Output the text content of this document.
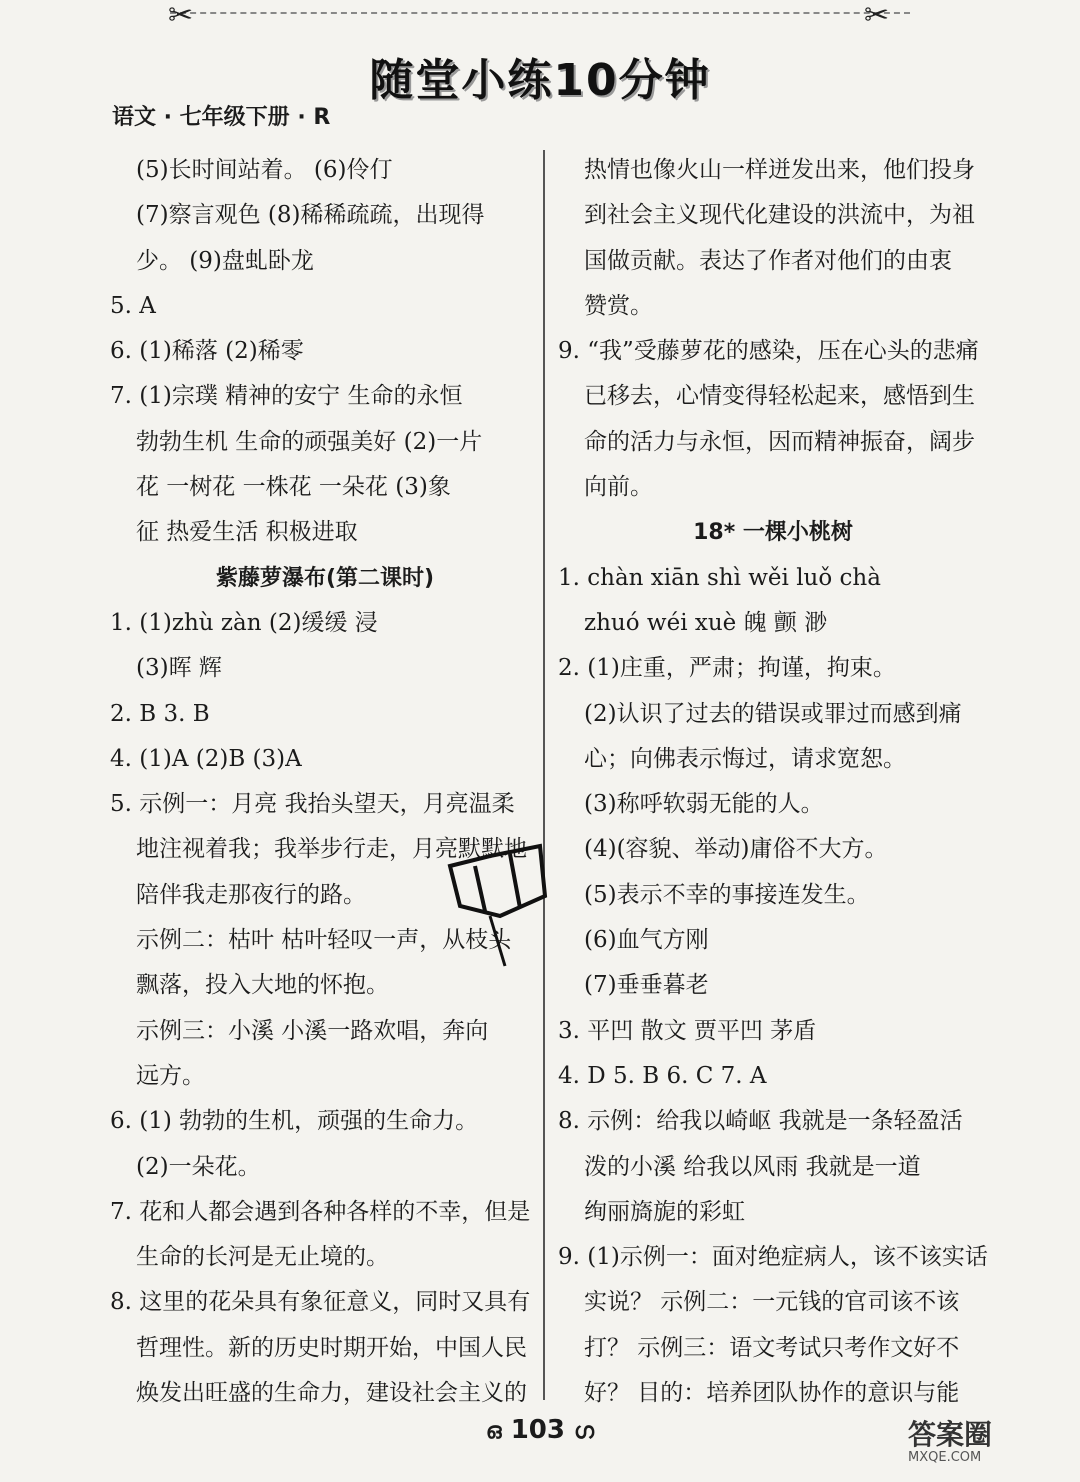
✂	✂
随堂小练10分钟
语文 · 七年级下册 · R
(5)长时间站着。 (6)伶仃
(7)察言观色 (8)稀稀疏疏，出现得
少。 (9)盘虬卧龙
5. A
6. (1)稀落 (2)稀零
7. (1)宗璞 精神的安宁 生命的永恒
勃勃生机 生命的顽强美好 (2)一片
花 一树花 一株花 一朵花 (3)象
征 热爱生活 积极进取
紫藤萝瀑布(第二课时)
1. (1)zhù zàn (2)缓缓 浸
(3)晖 辉
2. B 3. B
4. (1)A (2)B (3)A
5. 示例一：月亮 我抬头望天，月亮温柔
地注视着我；我举步行走，月亮默默地
陪伴我走那夜行的路。
示例二：枯叶 枯叶轻叹一声，从枝头
飘落，投入大地的怀抱。
示例三：小溪 小溪一路欢唱，奔向
远方。
6. (1) 勃勃的生机，顽强的生命力。
(2)一朵花。
7. 花和人都会遇到各种各样的不幸，但是
生命的长河是无止境的。
8. 这里的花朵具有象征意义，同时又具有
哲理性。新的历史时期开始，中国人民
焕发出旺盛的生命力，建设社会主义的
热情也像火山一样迸发出来，他们投身
到社会主义现代化建设的洪流中，为祖
国做贡献。表达了作者对他们的由衷
赞赏。
9. “我”受藤萝花的感染，压在心头的悲痛
已移去，心情变得轻松起来，感悟到生
命的活力与永恒，因而精神振奋，阔步
向前。
18* 一棵小桃树
1. chàn xiān shì wěi luǒ chà
zhuó wéi xuè 魄 颤 渺
2. (1)庄重，严肃；拘谨，拘束。
(2)认识了过去的错误或罪过而感到痛
心；向佛表示悔过，请求宽恕。
(3)称呼软弱无能的人。
(4)(容貌、举动)庸俗不大方。
(5)表示不幸的事接连发生。
(6)血气方刚
(7)垂垂暮老
3. 平凹 散文 贾平凹 茅盾
4. D 5. B 6. C 7. A
8. 示例：给我以崎岖 我就是一条轻盈活
泼的小溪 给我以风雨 我就是一道
绚丽旖旎的彩虹
9. (1)示例一：面对绝症病人，该不该实话
实说？ 示例二：一元钱的官司该不该
打？ 示例三：语文考试只考作文好不
好？ 目的：培养团队协作的意识与能
ഒ 103 ഗ	答案圈
MXQE.COM
